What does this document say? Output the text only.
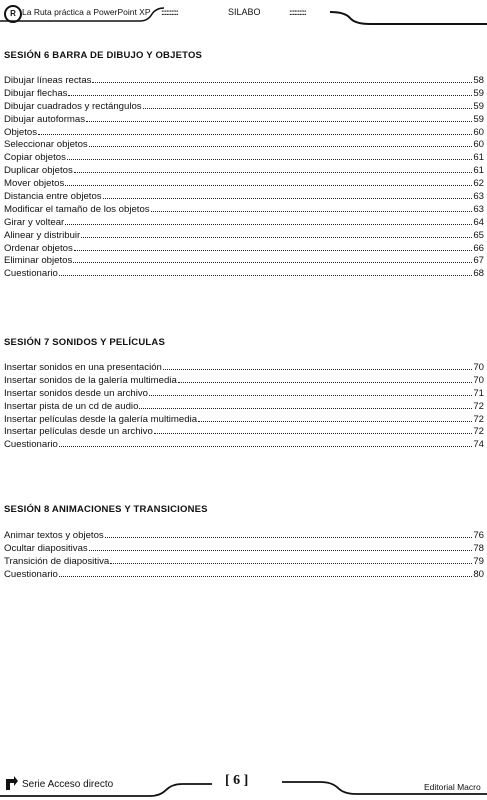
R La Ruta práctica a PowerPoint XP ::::::::::	SILABO	::::::::::
SESIÓN 6 BARRA DE DIBUJO Y OBJETOS
Dibujar líneas rectas	58
Dibujar flechas	59
Dibujar cuadrados y rectángulos	59
Dibujar autoformas	59
Objetos	60
Seleccionar objetos	60
Copiar objetos	61
Duplicar objetos	61
Mover objetos	62
Distancia entre objetos	63
Modificar el tamaño de los objetos	63
Girar y voltear	64
Alinear y distribuir	65
Ordenar objetos	66
Eliminar objetos	67
Cuestionario	68
SESIÓN 7 SONIDOS Y PELÍCULAS
Insertar sonidos en una presentación	70
Insertar sonidos de la galería multimedia	70
Insertar sonidos desde un archivo	71
Insertar pista de un cd de audio	72
Insertar películas desde la galería multimedia	72
Insertar películas desde un archivo	72
Cuestionario	74
SESIÓN 8 ANIMACIONES Y TRANSICIONES
Animar textos y objetos	76
Ocultar diapositivas	78
Transición de diapositiva	79
Cuestionario	80
Serie Acceso directo	[ 6 ]	Editorial Macro
